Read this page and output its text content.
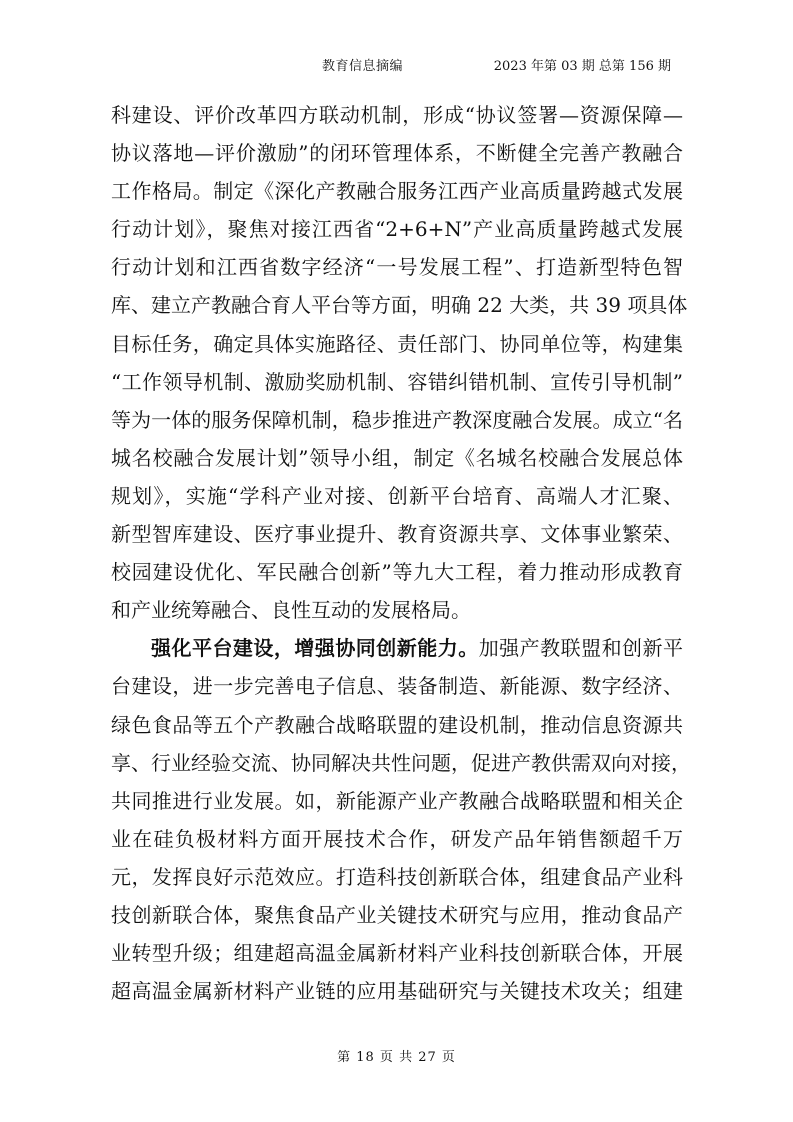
教育信息摘编	2023 年第 03 期 总第 156 期
科建设、评价改革四方联动机制，形成“协议签署—资源保障—
协议落地—评价激励”的闭环管理体系，不断健全完善产教融合
工作格局。制定《深化产教融合服务江西产业高质量跨越式发展
行动计划》，聚焦对接江西省“2+6+N”产业高质量跨越式发展
行动计划和江西省数字经济“一号发展工程”、打造新型特色智
库、建立产教融合育人平台等方面，明确 22 大类，共 39 项具体
目标任务，确定具体实施路径、责任部门、协同单位等，构建集
“工作领导机制、激励奖励机制、容错纠错机制、宣传引导机制”
等为一体的服务保障机制，稳步推进产教深度融合发展。成立“名
城名校融合发展计划”领导小组，制定《名城名校融合发展总体
规划》，实施“学科产业对接、创新平台培育、高端人才汇聚、
新型智库建设、医疗事业提升、教育资源共享、文体事业繁荣、
校园建设优化、军民融合创新”等九大工程，着力推动形成教育
和产业统筹融合、良性互动的发展格局。
强化平台建设，增强协同创新能力。加强产教联盟和创新平
台建设，进一步完善电子信息、装备制造、新能源、数字经济、
绿色食品等五个产教融合战略联盟的建设机制，推动信息资源共
享、行业经验交流、协同解决共性问题，促进产教供需双向对接，
共同推进行业发展。如，新能源产业产教融合战略联盟和相关企
业在硅负极材料方面开展技术合作，研发产品年销售额超千万
元，发挥良好示范效应。打造科技创新联合体，组建食品产业科
技创新联合体，聚焦食品产业关键技术研究与应用，推动食品产
业转型升级；组建超高温金属新材料产业科技创新联合体，开展
超高温金属新材料产业链的应用基础研究与关键技术攻关；组建
第 18 页 共 27 页
